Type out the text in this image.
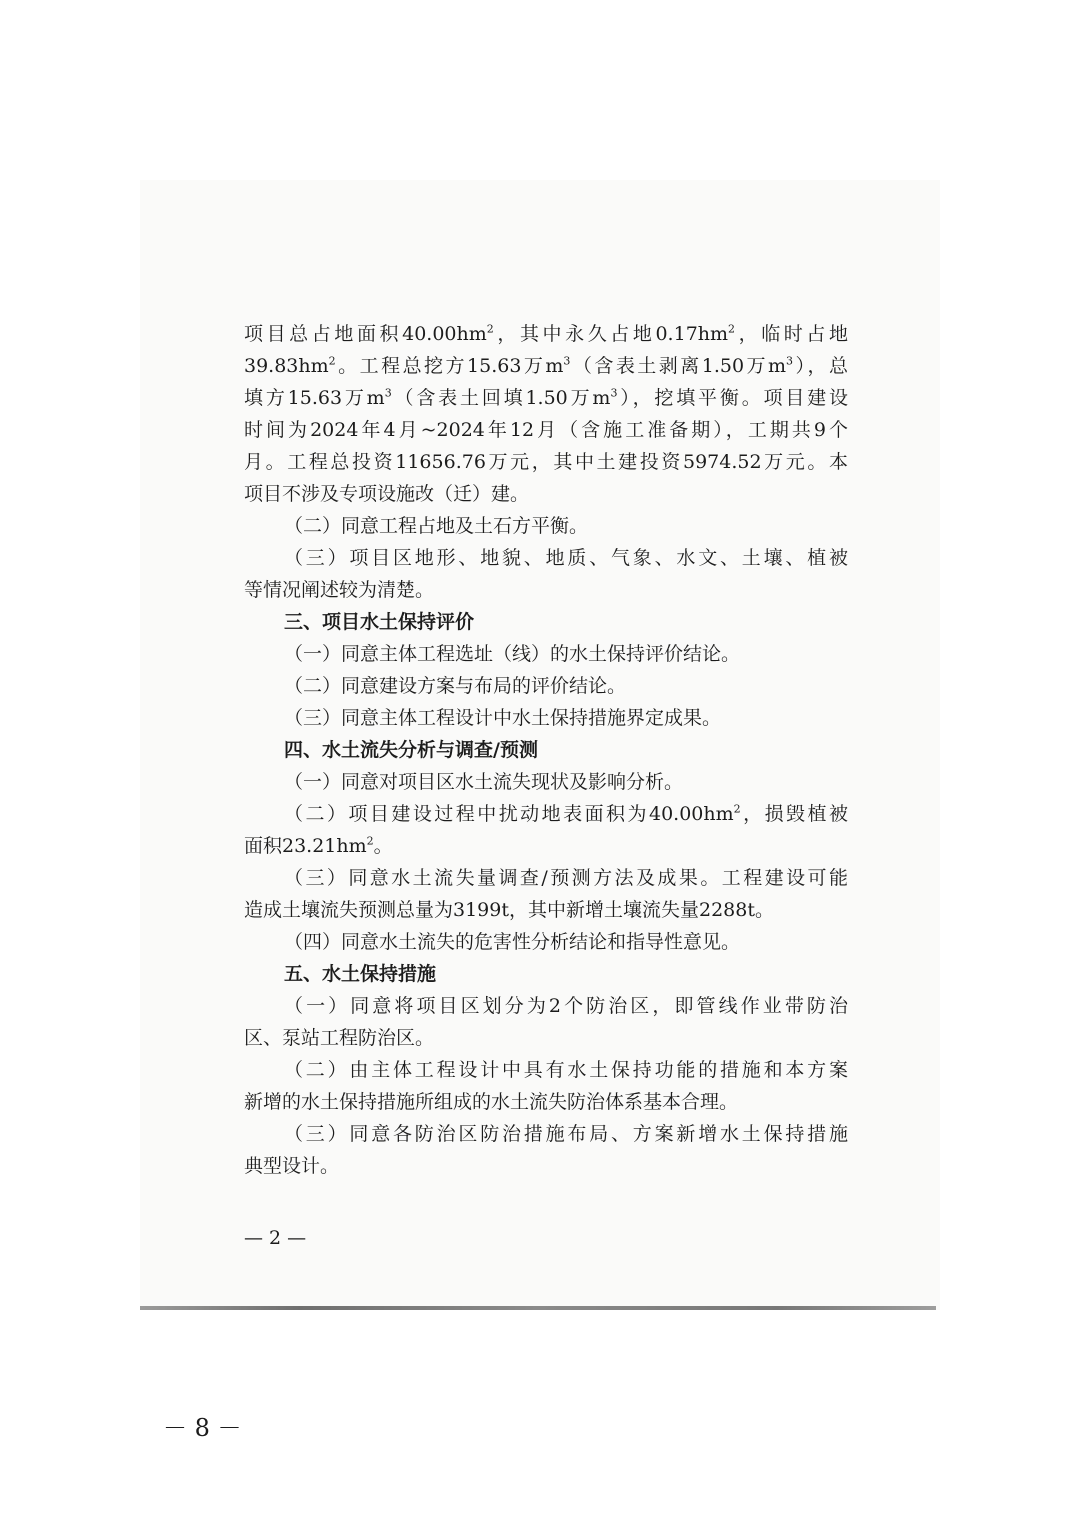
项目总占地面积$40.00hm^2$，其中永久占地$0.17hm^2$，临时占地
$39.83hm^2$。工程总挖方15.63万$m^3$（含表土剥离1.50万$m^3$），总
填方15.63万$m^3$（含表土回填1.50万$m^3$），挖填平衡。项目建设
时间为2024年4月~2024年12月（含施工准备期），工期共9个
月。工程总投资11656.76万元，其中土建投资5974.52万元。本
项目不涉及专项设施改（迁）建。
（二）同意工程占地及土石方平衡。
（三）项目区地形、地貌、地质、气象、水文、土壤、植被
等情况阐述较为清楚。
三、项目水土保持评价
（一）同意主体工程选址（线）的水土保持评价结论。
（二）同意建设方案与布局的评价结论。
（三）同意主体工程设计中水土保持措施界定成果。
四、水土流失分析与调查/预测
（一）同意对项目区水土流失现状及影响分析。
（二）项目建设过程中扰动地表面积为$40.00hm^2$，损毁植被
面积$23.21hm^2$。
（三）同意水土流失量调查/预测方法及成果。工程建设可能
造成土壤流失预测总量为3199t，其中新增土壤流失量2288t。
（四）同意水土流失的危害性分析结论和指导性意见。
五、水土保持措施
（一）同意将项目区划分为2个防治区，即管线作业带防治
区、泵站工程防治区。
（二）由主体工程设计中具有水土保持功能的措施和本方案
新增的水土保持措施所组成的水土流失防治体系基本合理。
（三）同意各防治区防治措施布局、方案新增水土保持措施
典型设计。
— 2 —
－ 8 －
